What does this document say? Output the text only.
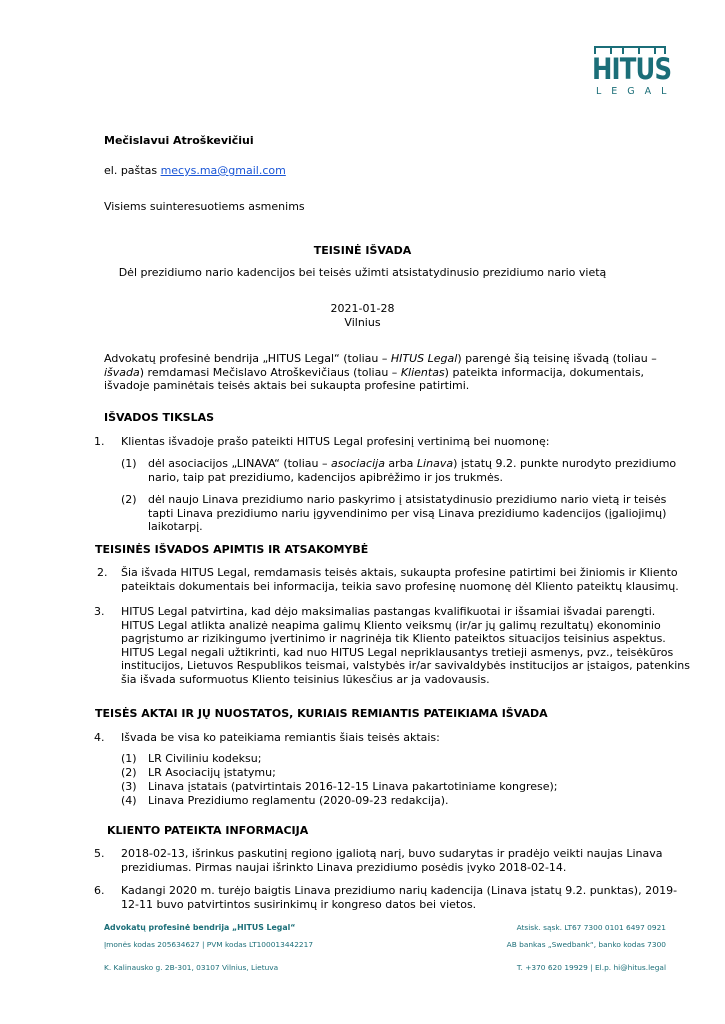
HITUS
LEGAL
Mečislavui Atroškevičiui
el. paštas mecys.ma@gmail.com
Visiems suinteresuotiems asmenims
TEISINĖ IŠVADA
Dėl prezidiumo nario kadencijos bei teisės užimti atsistatydinusio prezidiumo nario vietą
2021-01-28
Vilnius

Advokatų profesinė bendrija „HITUS Legal“ (toliau – HITUS Legal) parengė šią teisinę išvadą (toliau –

išvada) remdamasi Mečislavo Atroškevičiaus (toliau – Klientas) pateikta informacija, dokumentais,

išvadoje paminėtais teisės aktais bei sukaupta profesine patirtimi.

IŠVADOS TIKSLAS
1. Klientas išvadoje prašo pateikti HITUS Legal profesinį vertinimą bei nuomonę:
(1) dėl asociacijos „LINAVA“ (toliau – asociacija arba Linava) įstatų 9.2. punkte nurodyto prezidiumo

nario, taip pat prezidiumo, kadencijos apibrėžimo ir jos trukmės.

(2) dėl naujo Linava prezidiumo nario paskyrimo į atsistatydinusio prezidiumo nario vietą ir teisės

tapti Linava prezidiumo nariu įgyvendinimo per visą Linava prezidiumo kadencijos (įgaliojimų)

laikotarpį.

TEISINĖS IŠVADOS APIMTIS IR ATSAKOMYBĖ
2. Šia išvada HITUS Legal, remdamasis teisės aktais, sukaupta profesine patirtimi bei žiniomis ir Kliento

pateiktais dokumentais bei informacija, teikia savo profesinę nuomonę dėl Kliento pateiktų klausimų.

3. HITUS Legal patvirtina, kad dėjo maksimalias pastangas kvalifikuotai ir išsamiai išvadai parengti.

HITUS Legal atlikta analizė neapima galimų Kliento veiksmų (ir/ar jų galimų rezultatų) ekonominio

pagrįstumo ar rizikingumo įvertinimo ir nagrinėja tik Kliento pateiktos situacijos teisinius aspektus.

HITUS Legal negali užtikrinti, kad nuo HITUS Legal nepriklausantys tretieji asmenys, pvz., teisėkūros

institucijos, Lietuvos Respublikos teismai, valstybės ir/ar savivaldybės institucijos ar įstaigos, patenkins

šia išvada suformuotus Kliento teisinius lūkesčius ar ja vadovausis.

TEISĖS AKTAI IR JŲ NUOSTATOS, KURIAIS REMIANTIS PATEIKIAMA IŠVADA
4. Išvada be visa ko pateikiama remiantis šiais teisės aktais:
(1) LR Civiliniu kodeksu;
(2) LR Asociacijų įstatymu;
(3) Linava įstatais (patvirtintais 2016-12-15 Linava pakartotiniame kongrese);
(4) Linava Prezidiumo reglamentu (2020-09-23 redakcija).
KLIENTO PATEIKTA INFORMACIJA
5. 2018-02-13, išrinkus paskutinį regiono įgaliotą narį, buvo sudarytas ir pradėjo veikti naujas Linava

prezidiumas. Pirmas naujai išrinkto Linava prezidiumo posėdis įvyko 2018-02-14.

6. Kadangi 2020 m. turėjo baigtis Linava prezidiumo narių kadencija (Linava įstatų 9.2. punktas), 2019-

12-11 buvo patvirtintos susirinkimų ir kongreso datos bei vietos.

Advokatų profesinė bendrija „HITUS Legal“
Įmonės kodas 205634627 | PVM kodas LT100013442217
K. Kalinausko g. 2B-301, 03107 Vilnius, Lietuva
Atsisk. sąsk. LT67 7300 0101 6497 0921
AB bankas „Swedbank“, banko kodas 7300
T. +370 620 19929 | El.p. hi@hitus.legal
